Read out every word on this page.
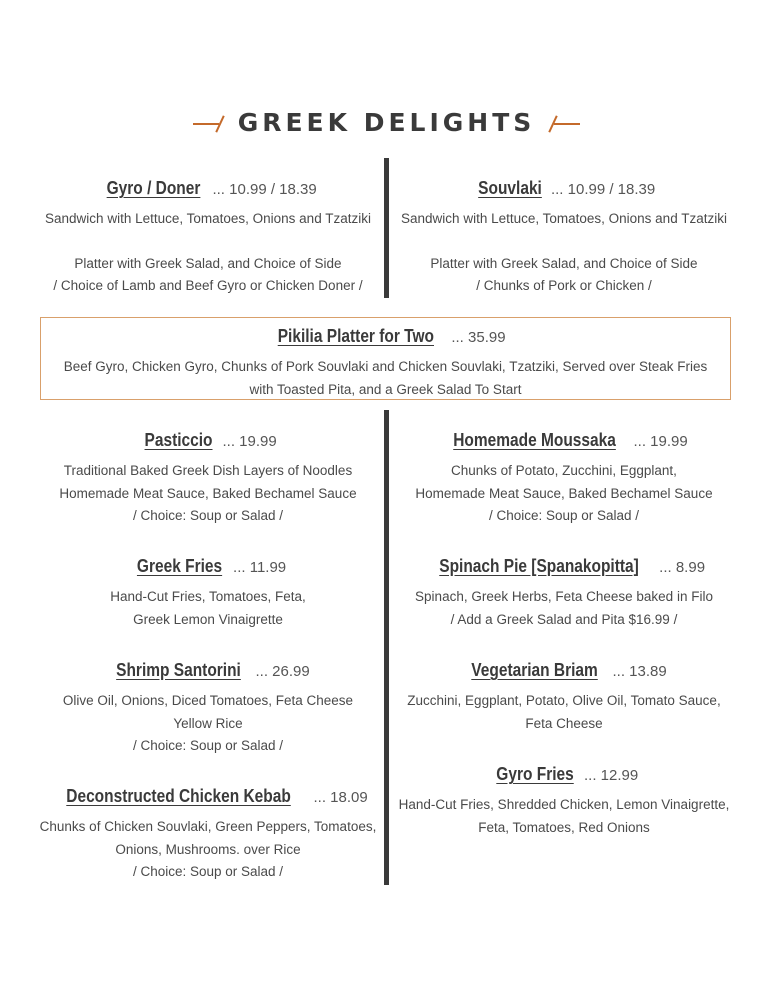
GREEK DELIGHTS
Gyro / Doner ... 10.99 / 18.39
Sandwich with Lettuce, Tomatoes, Onions and Tzatziki
Platter with Greek Salad, and Choice of Side
/ Choice of Lamb and Beef Gyro or Chicken Doner /
Souvlaki ... 10.99 / 18.39
Sandwich with Lettuce, Tomatoes, Onions and Tzatziki
Platter with Greek Salad, and Choice of Side
/ Chunks of Pork or Chicken /
Pikilia Platter for Two ... 35.99
Beef Gyro, Chicken Gyro, Chunks of Pork Souvlaki and Chicken Souvlaki, Tzatziki, Served over Steak Fries
with Toasted Pita, and a Greek Salad To Start
Pasticcio ... 19.99
Traditional Baked Greek Dish Layers of Noodles
Homemade Meat Sauce, Baked Bechamel Sauce
/ Choice: Soup or Salad /
Homemade Moussaka ... 19.99
Chunks of Potato, Zucchini, Eggplant,
Homemade Meat Sauce, Baked Bechamel Sauce
/ Choice: Soup or Salad /
Greek Fries ... 11.99
Hand-Cut Fries, Tomatoes, Feta,
Greek Lemon Vinaigrette
Spinach Pie [Spanakopitta] ... 8.99
Spinach, Greek Herbs, Feta Cheese baked in Filo
/ Add a Greek Salad and Pita $16.99 /
Shrimp Santorini ... 26.99
Olive Oil, Onions, Diced Tomatoes, Feta Cheese
Yellow Rice
/ Choice: Soup or Salad /
Vegetarian Briam ... 13.89
Zucchini, Eggplant, Potato, Olive Oil, Tomato Sauce,
Feta Cheese
Gyro Fries ... 12.99
Hand-Cut Fries, Shredded Chicken, Lemon Vinaigrette,
Feta, Tomatoes, Red Onions
Deconstructed Chicken Kebab ... 18.09
Chunks of Chicken Souvlaki, Green Peppers, Tomatoes,
Onions, Mushrooms. over Rice
/ Choice: Soup or Salad /
